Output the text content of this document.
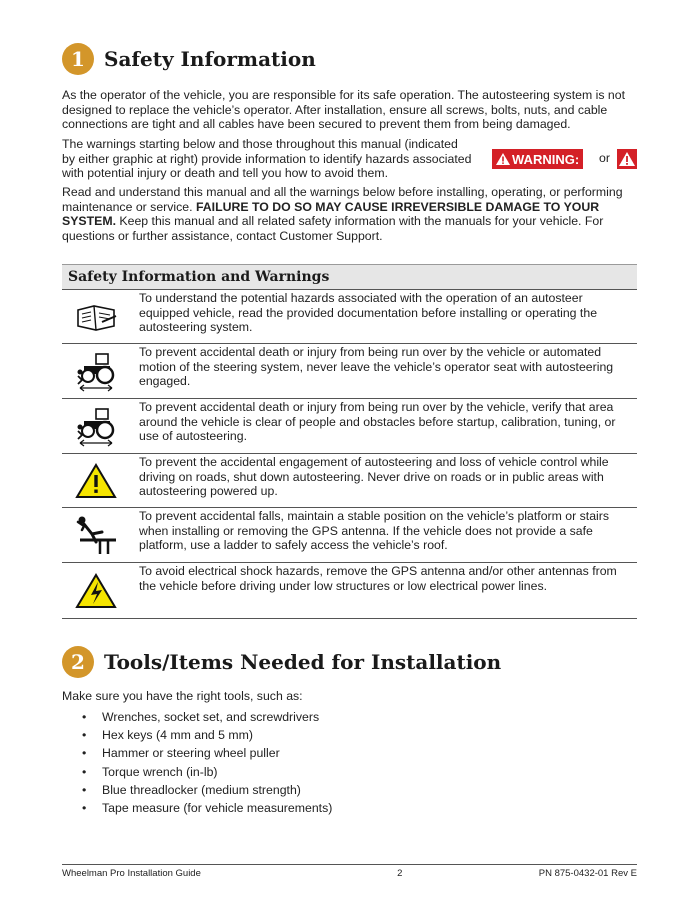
1 Safety Information
As the operator of the vehicle, you are responsible for its safe operation. The autosteering system is not designed to replace the vehicle’s operator. After installation, ensure all screws, bolts, nuts, and cable connections are tight and all cables have been secured to prevent them from being damaged.
The warnings starting below and those throughout this manual (indicated by either graphic at right) provide information to identify hazards associated with potential injury or death and tell you how to avoid them.
WARNING: or
Read and understand this manual and all the warnings below before installing, operating, or performing maintenance or service. FAILURE TO DO SO MAY CAUSE IRREVERSIBLE DAMAGE TO YOUR SYSTEM. Keep this manual and all related safety information with the manuals for your vehicle. For questions or further assistance, contact Customer Support.
Safety Information and Warnings
To understand the potential hazards associated with the operation of an autosteer equipped vehicle, read the provided documentation before installing or operating the autosteering system.
To prevent accidental death or injury from being run over by the vehicle or automated motion of the steering system, never leave the vehicle’s operator seat with autosteering engaged.
To prevent accidental death or injury from being run over by the vehicle, verify that area around the vehicle is clear of people and obstacles before startup, calibration, tuning, or use of autosteering.
To prevent the accidental engagement of autosteering and loss of vehicle control while driving on roads, shut down autosteering. Never drive on roads or in public areas with autosteering powered up.
To prevent accidental falls, maintain a stable position on the vehicle’s platform or stairs when installing or removing the GPS antenna. If the vehicle does not provide a safe platform, use a ladder to safely access the vehicle’s roof.
To avoid electrical shock hazards, remove the GPS antenna and/or other antennas from the vehicle before driving under low structures or low electrical power lines.
2 Tools/Items Needed for Installation
Make sure you have the right tools, such as:
•	Wrenches, socket set, and screwdrivers
•	Hex keys (4 mm and 5 mm)
•	Hammer or steering wheel puller
•	Torque wrench (in-lb)
•	Blue threadlocker (medium strength)
•	Tape measure (for vehicle measurements)
Wheelman Pro Installation Guide	2	PN 875-0432-01 Rev E
